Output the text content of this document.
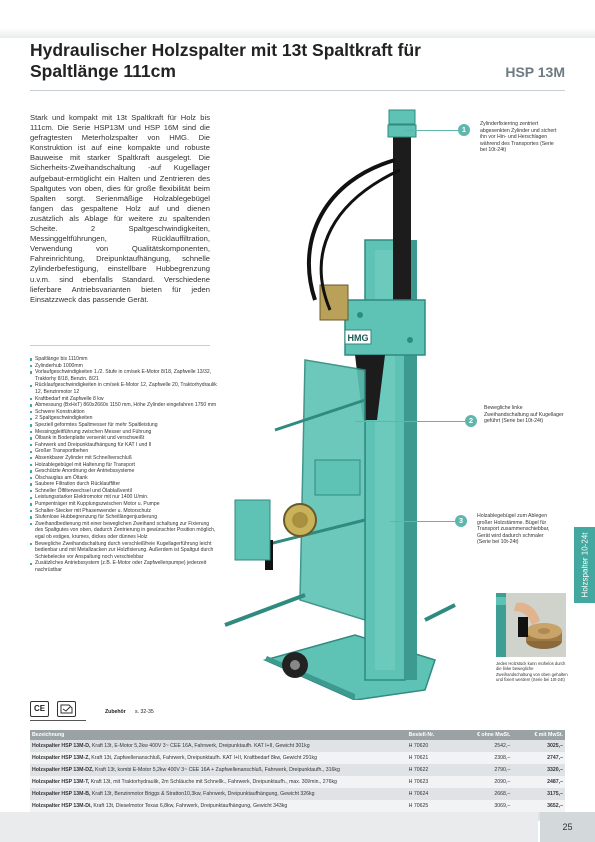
Hydraulischer Holzspalter mit 13t Spaltkraft für
Spaltlänge 111cm	HSP 13M
Stark und kompakt mit 13t Spaltkraft für Holz bis 111cm. Die Serie HSP13M und HSP 16M sind die gefragtesten Meterholzspalter von HMG. Die Konstruktion ist auf eine kompakte und robuste Bauweise mit starker Spaltkraft ausgelegt. Die Sicherheits-Zweihandschaltung -auf Kugellager aufgebaut-ermöglicht ein Halten und Zentrieren des Spaltgutes von oben, dies für große flexibilität beim Spalten sorgt. Serienmäßige Holzablegebügel fangen das gespaltene Holz auf und dienen zusätzlich als Ablage für weitere zu spaltenden Scheite. 2 Spaltgeschwindigkeiten, Messinggeltführungen, Rücklauffiltration, Verwendung von Qualitätskomponenten, Fahreinrichtung, Dreipunktaufhängung, schnelle Zylinderbefestigung, einstellbare Hubbegrenzung u.v.m. sind ebenfalls Standard. Verschiedene lieferbare Antriebsvarianten bieten für jeden Einsatzzweck das passende Gerät.
Spaltlänge bis 1110mm
Zylinderhub 1000mm
Vorlaufgeschwindigkeiten 1./2. Stufe in cm/sek E-Motor 8/18, Zapfwelle 13/32, Traktorhy 8/18, Benzin. 8/21
Rücklaufgeschwindigkeiten in cm/sek E-Motor 12, Zapfwelle 20, Traktorhydraulik 12, Benzinmotor 12
Kraftbedarf mit Zapfwelle 8 kw
Abmessung (BxHxT) 860x2660x 1150 mm, Höhe Zylinder eingefahren 1750 mm
Schwere Konstruktion
2 Spaltgeschwindigkeiten
Speziell geformtes Spaltmesser für mehr Spaltleistung
Messinggleitführung zwischen Messer und Führung
Ölbank in Bodenplatte versenkt und verschweißt
Fahrwerk und Dreipunktaufhängung für KAT I und II
Großer Transportbehen
Absenkbarer Zylinder mit Schnellverschluß
Holzablegebügel mit Halterung für Transport
Geschützte Anordnung der Antriebssysteme
Ölschauglas am Öltank
Saubere Filtration durch Rücklauffilter
Schneller Ölfilterwechsel und Ölablaßventil
Leistungsstarker Elektromotor mit nur 1400 U/min.
Pumpenträger mit Kupplungszwischen Motor u. Pumpe
Schalter-Stecker mit Phasenwender u. Motorschutz
Stufenlose Hubbegrenzung für Scheitlängenjustierung
Zweihandbedienung mit einer beweglichen Zweihand schaltung zur Fixierung des Spaltgutes von oben, dadurch Zentrierung in gewünschter Position möglich, egal ob estiges, krumes, dickes oder dünnes Holz
Bewegliche Zweihandschaltung durch verschleißfreie Kugellagerführung leicht bedienbar und mit Metallzacken zur Holzfixierung. Außerdem ist Spaltgut durch Schiebelecke vor Anspaltung noch verschiebbar
Zusätzliches Antriebssystem (z.B. E-Motor oder Zapfwellenpumpe) jederzeit nachrüstbar
CE	Zubehör s. 32-35
HMG
1
Zylinderfixierring zentriert abgesenkten Zylinder und sichert ihn vor Hin- und Herschlagen während des Transportes (Serie bei 10t-24t)
2
Bewegliche linke Zweihandschaltung auf Kugellager geführt (Serie bei 10t-24t)
3	Holzablegebügel zum Ablegen großer Holzstämme. Bügel für Transport zusammenschiebbar, Gerät wird dadurch schmaler (Serie bei 10t-24t)	Holzspalter 10-24t
Jedes Holzstück kann mühelos durch die linke bewegliche Zweihandschaltung von oben gehalten und fixiert werden! (Serie bei 10t-24t)
Bezeichnung	Bestell-Nr.	€ ohne MwSt.	€ mit MwSt.
Holzspalter HSP 13M-D, Kraft 13t, E-Motor 5,2kw 400V 3~ CEE 16A, Fahrwerk, Dreipunktaufh. KAT I+II, Gewicht 301kg	H 70620	2542,–	3025,–
Holzspalter HSP 13M-Z, Kraft 13t, Zapfwellenanschluß, Fahrwerk, Dreipunktaufh. KAT I+II, Kraftbedarf 8kw, Gewicht 291kg	H 70621	2308,–	2747,–
Holzspalter HSP 13M-DZ, Kraft 13t, kombi E-Motor 5,2kw 400V 3~ CEE 16A + Zapfwellenanschluß, Fahrwerk, Dreipunktaufh., 316kg	H 70622	2790,–	3320,–
Holzspalter HSP 13M-T, Kraft 13t, mit Traktorhydraulik, 2m Schläuche mit Schnellk., Fahrwerk, Dreipunktaufh., max. 30l/min., 276kg	H 70623	2090,–	2487,–
Holzspalter HSP 13M-B, Kraft 13t, Benzinmotor Briggs & Stratton10,3kw, Fahrwerk, Dreipunktaufhängung, Gewicht 326kg	H 70624	2668,–	3175,–
Holzspalter HSP 13M-Di, Kraft 13t, Dieselmotor Texas 6,8kw, Fahrwerk, Dreipunktaufhängung, Gewicht 343kg	H 70625	3069,–	3652,–

25
